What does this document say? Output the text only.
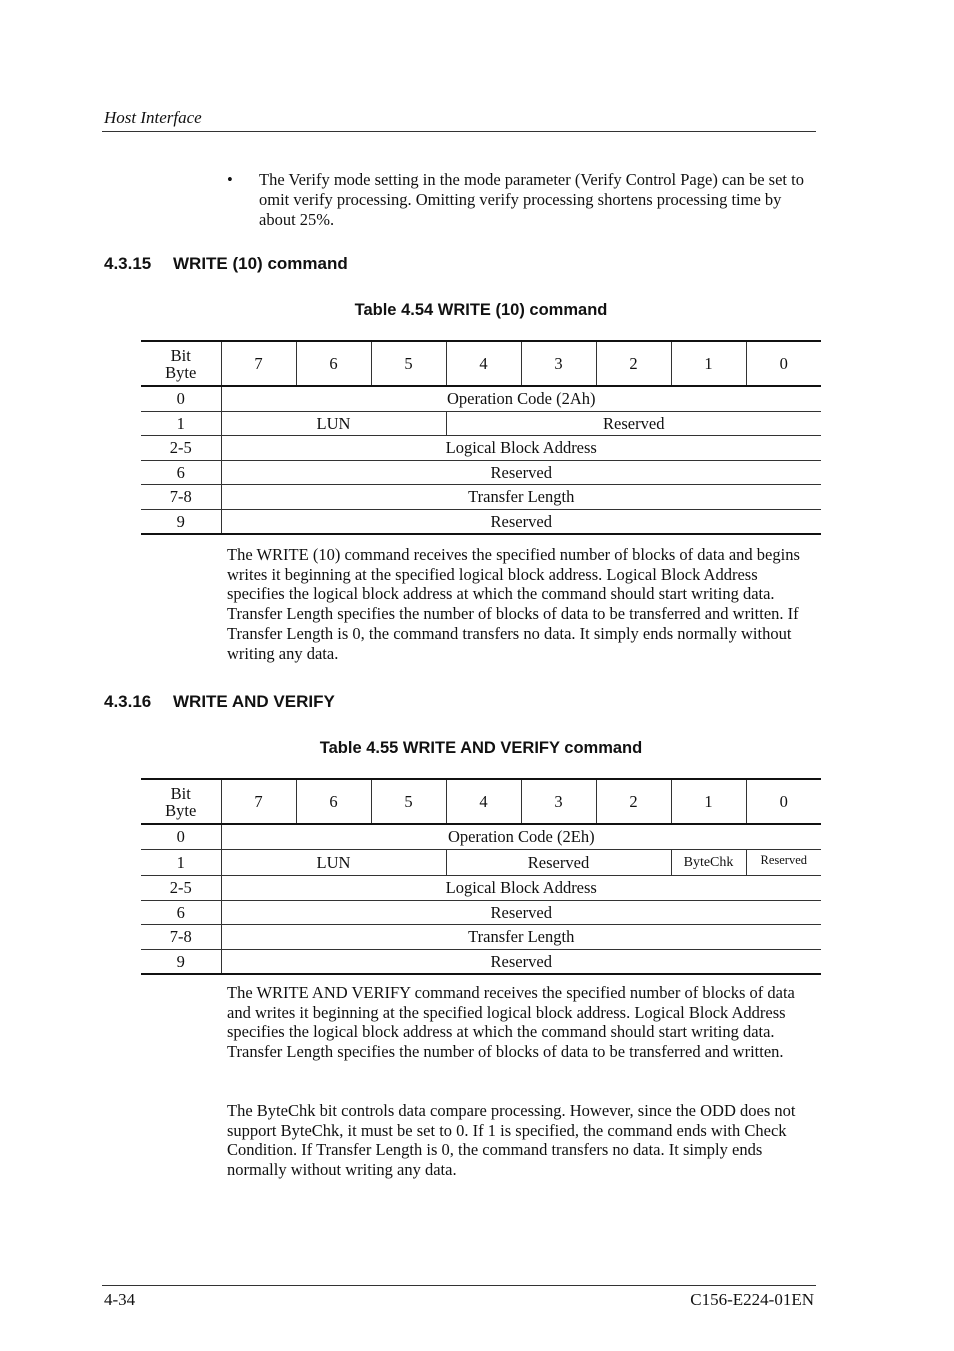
Host Interface
• The Verify mode setting in the mode parameter (Verify Control Page) can be set to omit verify processing. Omitting verify processing shortens processing time by about 25%.
4.3.15 WRITE (10) command
Table 4.54 WRITE (10) command
Bit
Byte	7	6	5	4	3	2	1	0
0	Operation Code (2Ah)							
1	LUN			Reserved				
2-5	Logical Block Address							
6	Reserved							
7-8	Transfer Length							
9	Reserved							
The WRITE (10) command receives the specified number of blocks of data and begins writes it beginning at the specified logical block address. Logical Block Address specifies the logical block address at which the command should start writing data. Transfer Length specifies the number of blocks of data to be transferred and written. If Transfer Length is 0, the command transfers no data. It simply ends normally without writing any data.
4.3.16 WRITE AND VERIFY
Table 4.55 WRITE AND VERIFY command
Bit
Byte	7	6	5	4	3	2	1	0
0	Operation Code (2Eh)							
1	LUN			Reserved			ByteChk	Reserved
2-5	Logical Block Address							
6	Reserved							
7-8	Transfer Length							
9	Reserved							
The WRITE AND VERIFY command receives the specified number of blocks of data and writes it beginning at the specified logical block address. Logical Block Address specifies the logical block address at which the command should start writing data. Transfer Length specifies the number of blocks of data to be transferred and written.
The ByteChk bit controls data compare processing. However, since the ODD does not support ByteChk, it must be set to 0. If 1 is specified, the command ends with Check Condition. If Transfer Length is 0, the command transfers no data. It simply ends normally without writing any data.
4-34	C156-E224-01EN
